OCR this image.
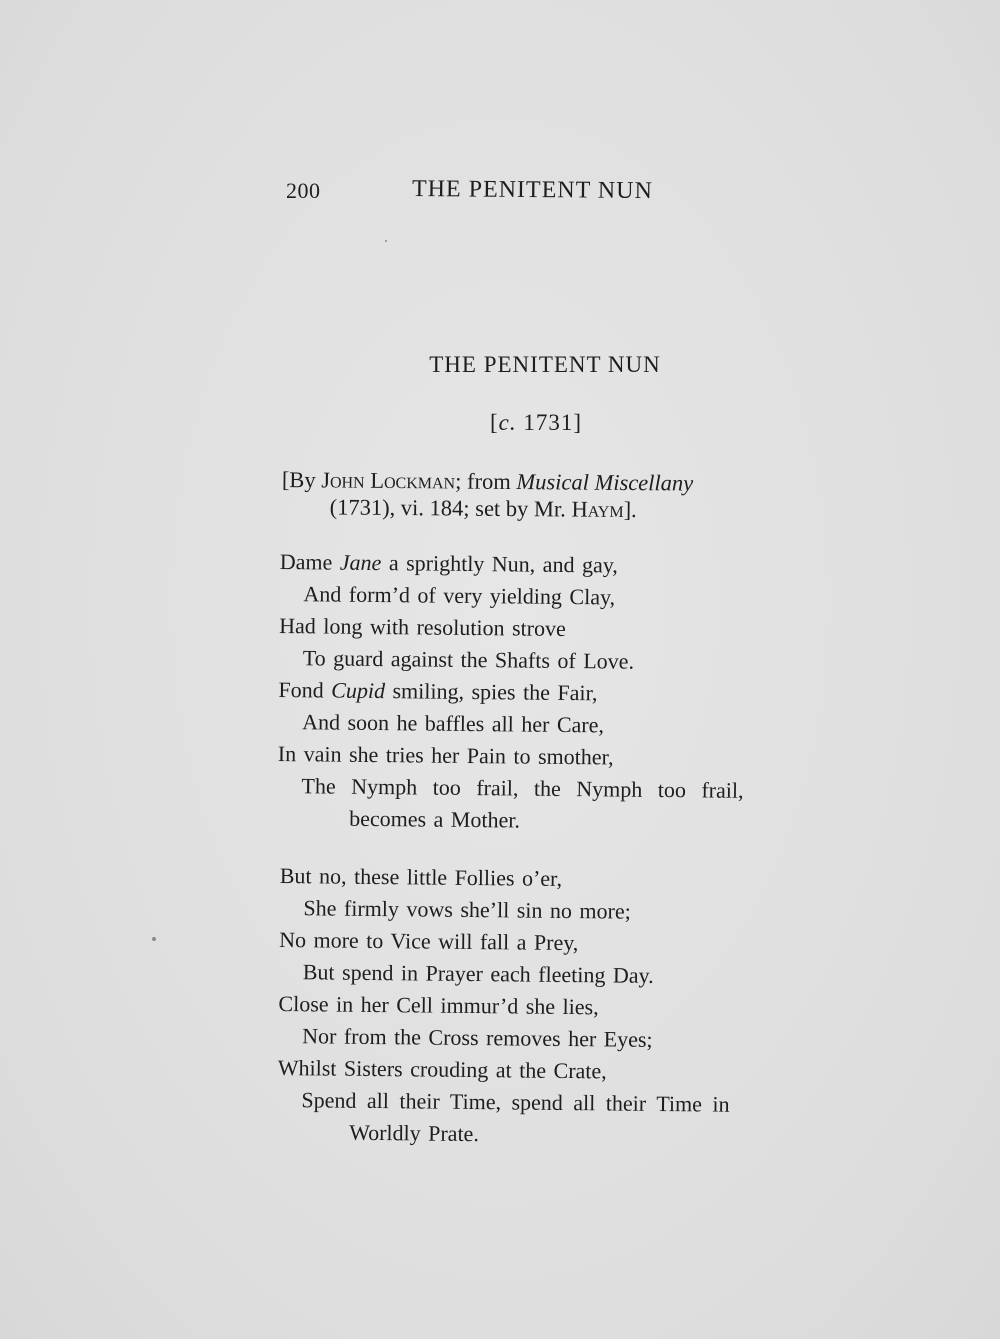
200	THE PENITENT NUN
THE PENITENT NUN
[c. 1731]
[By John Lockman; from Musical Miscellany
(1731), vi. 184; set by Mr. Haym].
Dame Jane a sprightly Nun, and gay,
And form’d of very yielding Clay,
Had long with resolution strove
To guard against the Shafts of Love.
Fond Cupid smiling, spies the Fair,
And soon he baffles all her Care,
In vain she tries her Pain to smother,
The Nymph too frail, the Nymph too frail,
becomes a Mother.
But no, these little Follies o’er,
She firmly vows she’ll sin no more;
No more to Vice will fall a Prey,
But spend in Prayer each fleeting Day.
Close in her Cell immur’d she lies,
Nor from the Cross removes her Eyes;
Whilst Sisters crouding at the Crate,
Spend all their Time, spend all their Time in
Worldly Prate.
